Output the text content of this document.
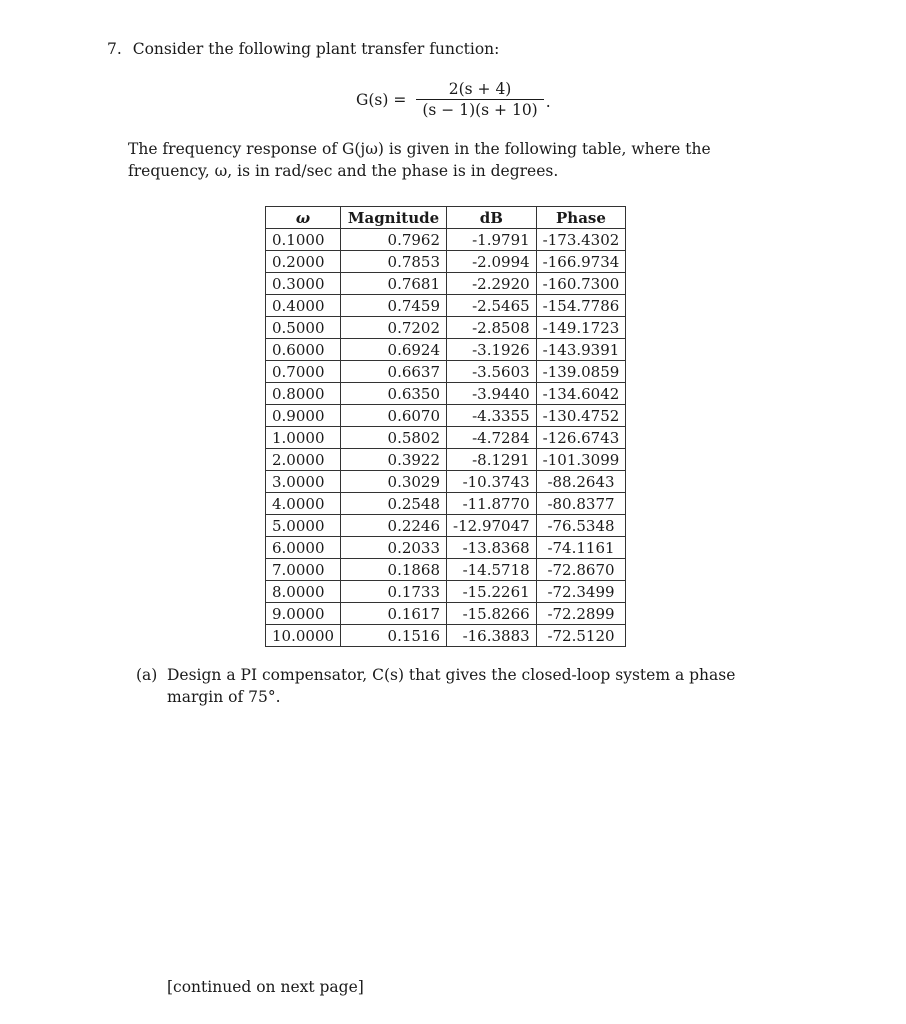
7. Consider the following plant transfer function:
$G(s) = \frac{2(s + 4)}{(s - 1)(s + 10)}$ .
The frequency response of G(jω) is given in the following table, where the frequency, ω, is in rad/sec and the phase is in degrees.
ω	Magnitude	dB	Phase
0.1000	0.7962	-1.9791	-173.4302
0.2000	0.7853	-2.0994	-166.9734
0.3000	0.7681	-2.2920	-160.7300
0.4000	0.7459	-2.5465	-154.7786
0.5000	0.7202	-2.8508	-149.1723
0.6000	0.6924	-3.1926	-143.9391
0.7000	0.6637	-3.5603	-139.0859
0.8000	0.6350	-3.9440	-134.6042
0.9000	0.6070	-4.3355	-130.4752
1.0000	0.5802	-4.7284	-126.6743
2.0000	0.3922	-8.1291	-101.3099
3.0000	0.3029	-10.3743	-88.2643
4.0000	0.2548	-11.8770	-80.8377
5.0000	0.2246	-12.97047	-76.5348
6.0000	0.2033	-13.8368	-74.1161
7.0000	0.1868	-14.5718	-72.8670
8.0000	0.1733	-15.2261	-72.3499
9.0000	0.1617	-15.8266	-72.2899
10.0000	0.1516	-16.3883	-72.5120
(a) Design a PI compensator, C(s) that gives the closed-loop system a phase margin of 75°.
[continued on next page]
